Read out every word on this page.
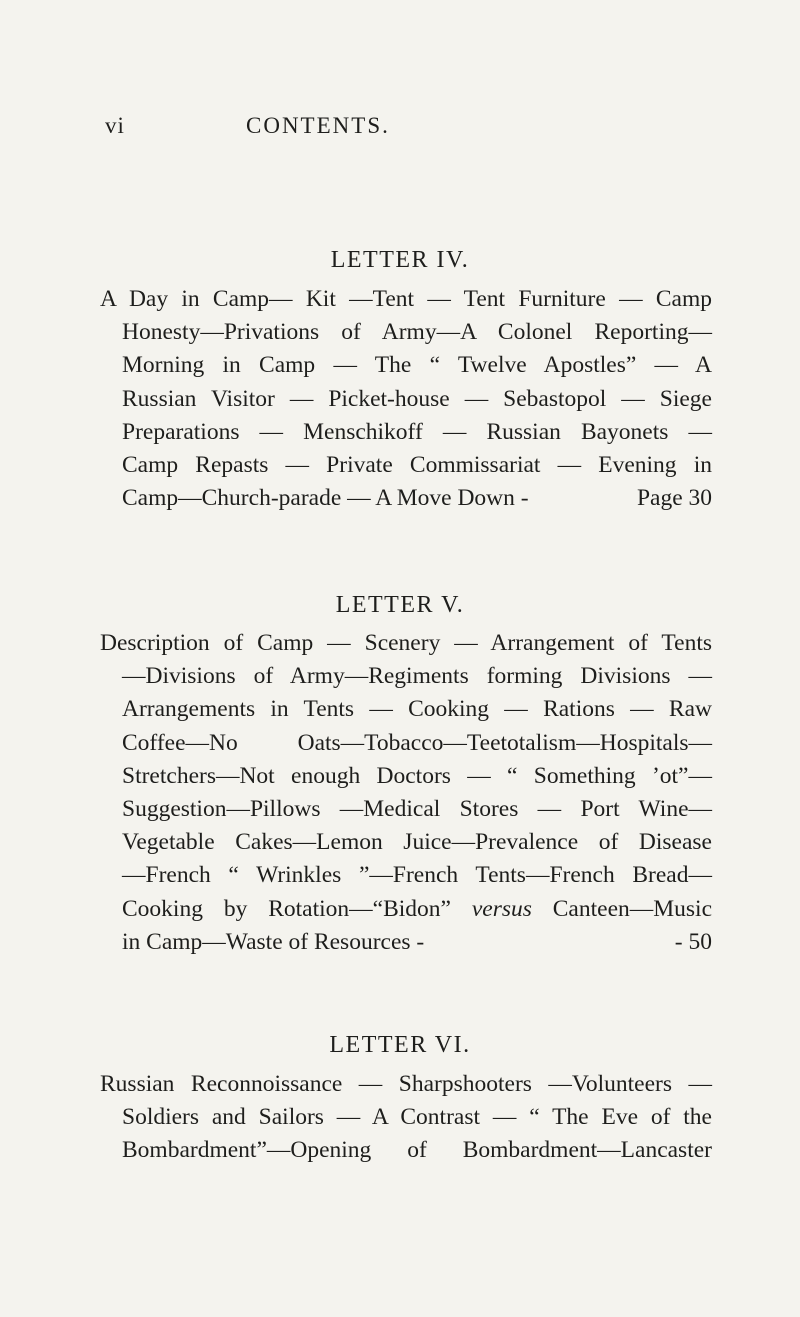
vi	CONTENTS.
LETTER IV.
A Day in Camp— Kit —Tent — Tent Furniture — Camp
Honesty—Privations of Army—A Colonel Reporting—
Morning in Camp — The “ Twelve Apostles” — A
Russian Visitor — Picket-house — Sebastopol — Siege
Preparations — Menschikoff — Russian Bayonets —
Camp Repasts — Private Commissariat — Evening in
Camp—Church-parade — A Move Down -	Page 30
LETTER V.
Description of Camp — Scenery — Arrangement of Tents
—Divisions of Army—Regiments forming Divisions —
Arrangements in Tents — Cooking — Rations — Raw
Coffee—No Oats—Tobacco—Teetotalism—Hospitals—
Stretchers—Not enough Doctors — “ Something ’ot”—
Suggestion—Pillows —Medical Stores — Port Wine—
Vegetable Cakes—Lemon Juice—Prevalence of Disease
—French “ Wrinkles ”—French Tents—French Bread—
Cooking by Rotation—“Bidon” versus Canteen—Music
in Camp—Waste of Resources -	- 50
LETTER VI.
Russian Reconnoissance — Sharpshooters —Volunteers —
Soldiers and Sailors — A Contrast — “ The Eve of the
Bombardment”—Opening of Bombardment—Lancaster
